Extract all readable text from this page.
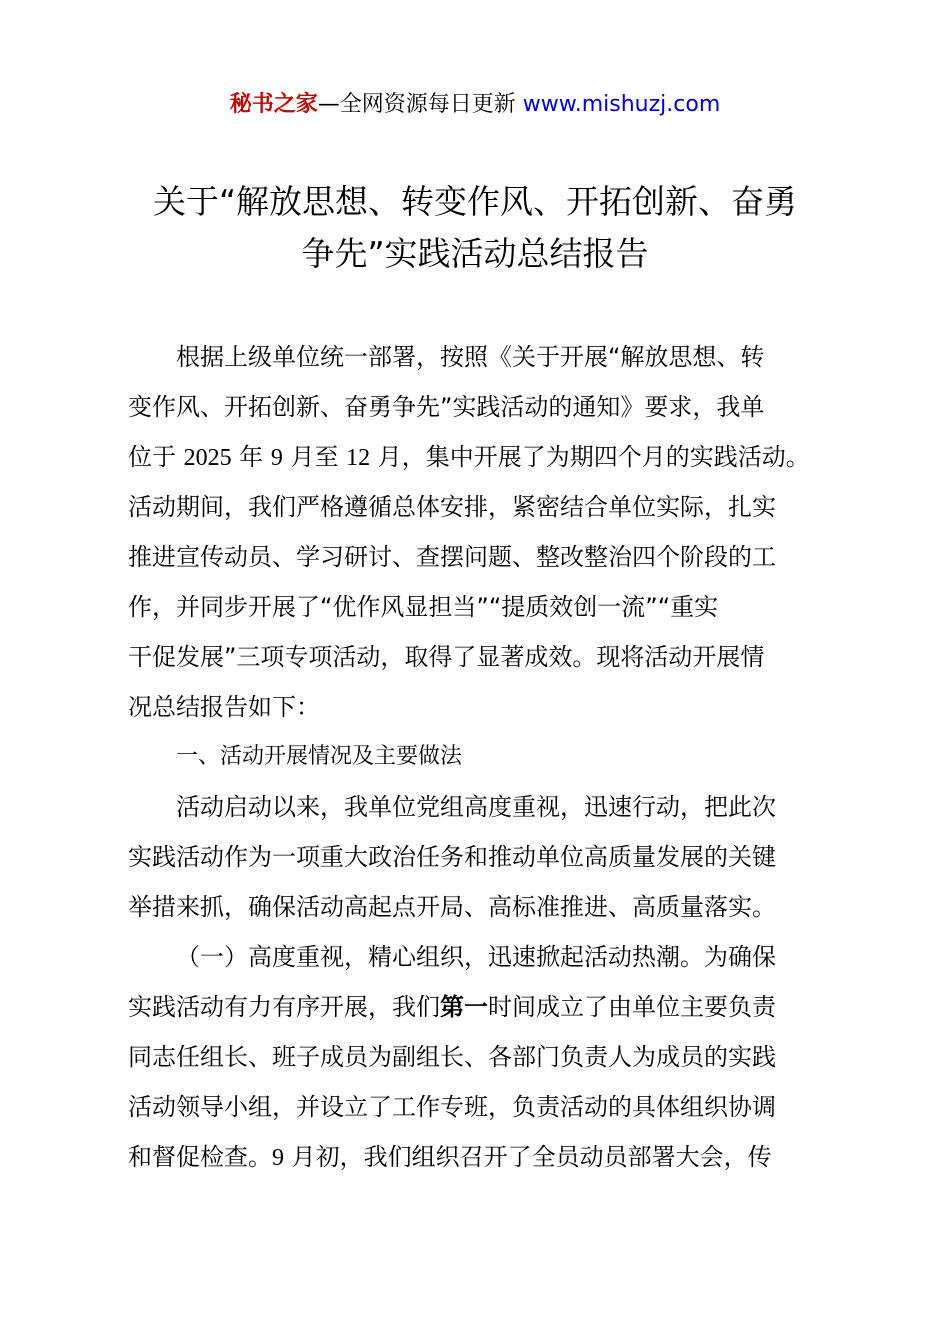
秘书之家—全网资源每日更新 www.mishuzj.com
关于“解放思想、转变作风、开拓创新、奋勇
争先”实践活动总结报告
根据上级单位统一部署，按照《关于开展“解放思想、转
变作风、开拓创新、奋勇争先”实践活动的通知》要求，我单
位于 2025 年 9 月至 12 月，集中开展了为期四个月的实践活动。
活动期间，我们严格遵循总体安排，紧密结合单位实际，扎实
推进宣传动员、学习研讨、查摆问题、整改整治四个阶段的工
作，并同步开展了“优作风显担当”“提质效创一流”“重实
干促发展”三项专项活动，取得了显著成效。现将活动开展情
况总结报告如下：
一、活动开展情况及主要做法
活动启动以来，我单位党组高度重视，迅速行动，把此次
实践活动作为一项重大政治任务和推动单位高质量发展的关键
举措来抓，确保活动高起点开局、高标准推进、高质量落实。
（一）高度重视，精心组织，迅速掀起活动热潮。为确保
实践活动有力有序开展，我们第一时间成立了由单位主要负责
同志任组长、班子成员为副组长、各部门负责人为成员的实践
活动领导小组，并设立了工作专班，负责活动的具体组织协调
和督促检查。9 月初，我们组织召开了全员动员部署大会，传
